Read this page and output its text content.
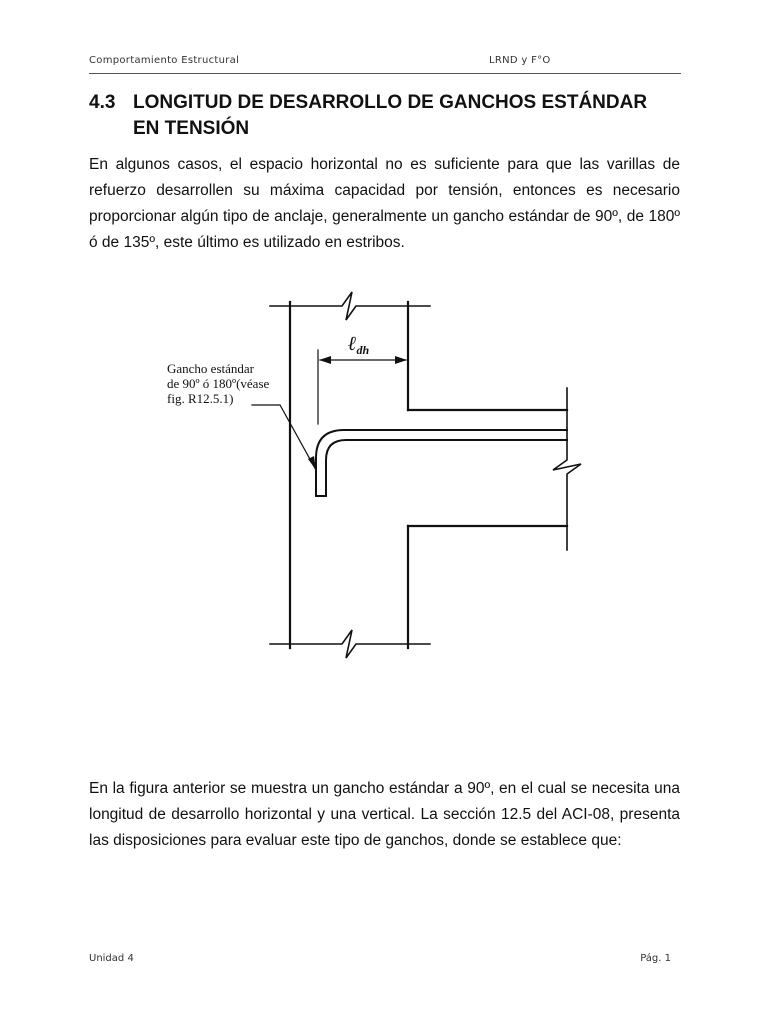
Comportamiento Estructural	LRND y F°O
4.3 LONGITUD DE DESARROLLO DE GANCHOS ESTÁNDAR
EN TENSIÓN

En algunos casos, el espacio horizontal no es suficiente para que las varillas de refuerzo desarrollen su máxima capacidad por tensión, entonces es necesario proporcionar algún tipo de anclaje, generalmente un gancho estándar de 90º, de 180º ó de 135º, este último es utilizado en estribos.

ℓ$_{dh}$
Gancho estándar
de 90º ó 180º(véase
fig. R12.5.1)

En la figura anterior se muestra un gancho estándar a 90º, en el cual se necesita una longitud de desarrollo horizontal y una vertical. La sección 12.5 del ACI-08, presenta las disposiciones para evaluar este tipo de ganchos, donde se establece que:

Unidad 4	Pág. 1
